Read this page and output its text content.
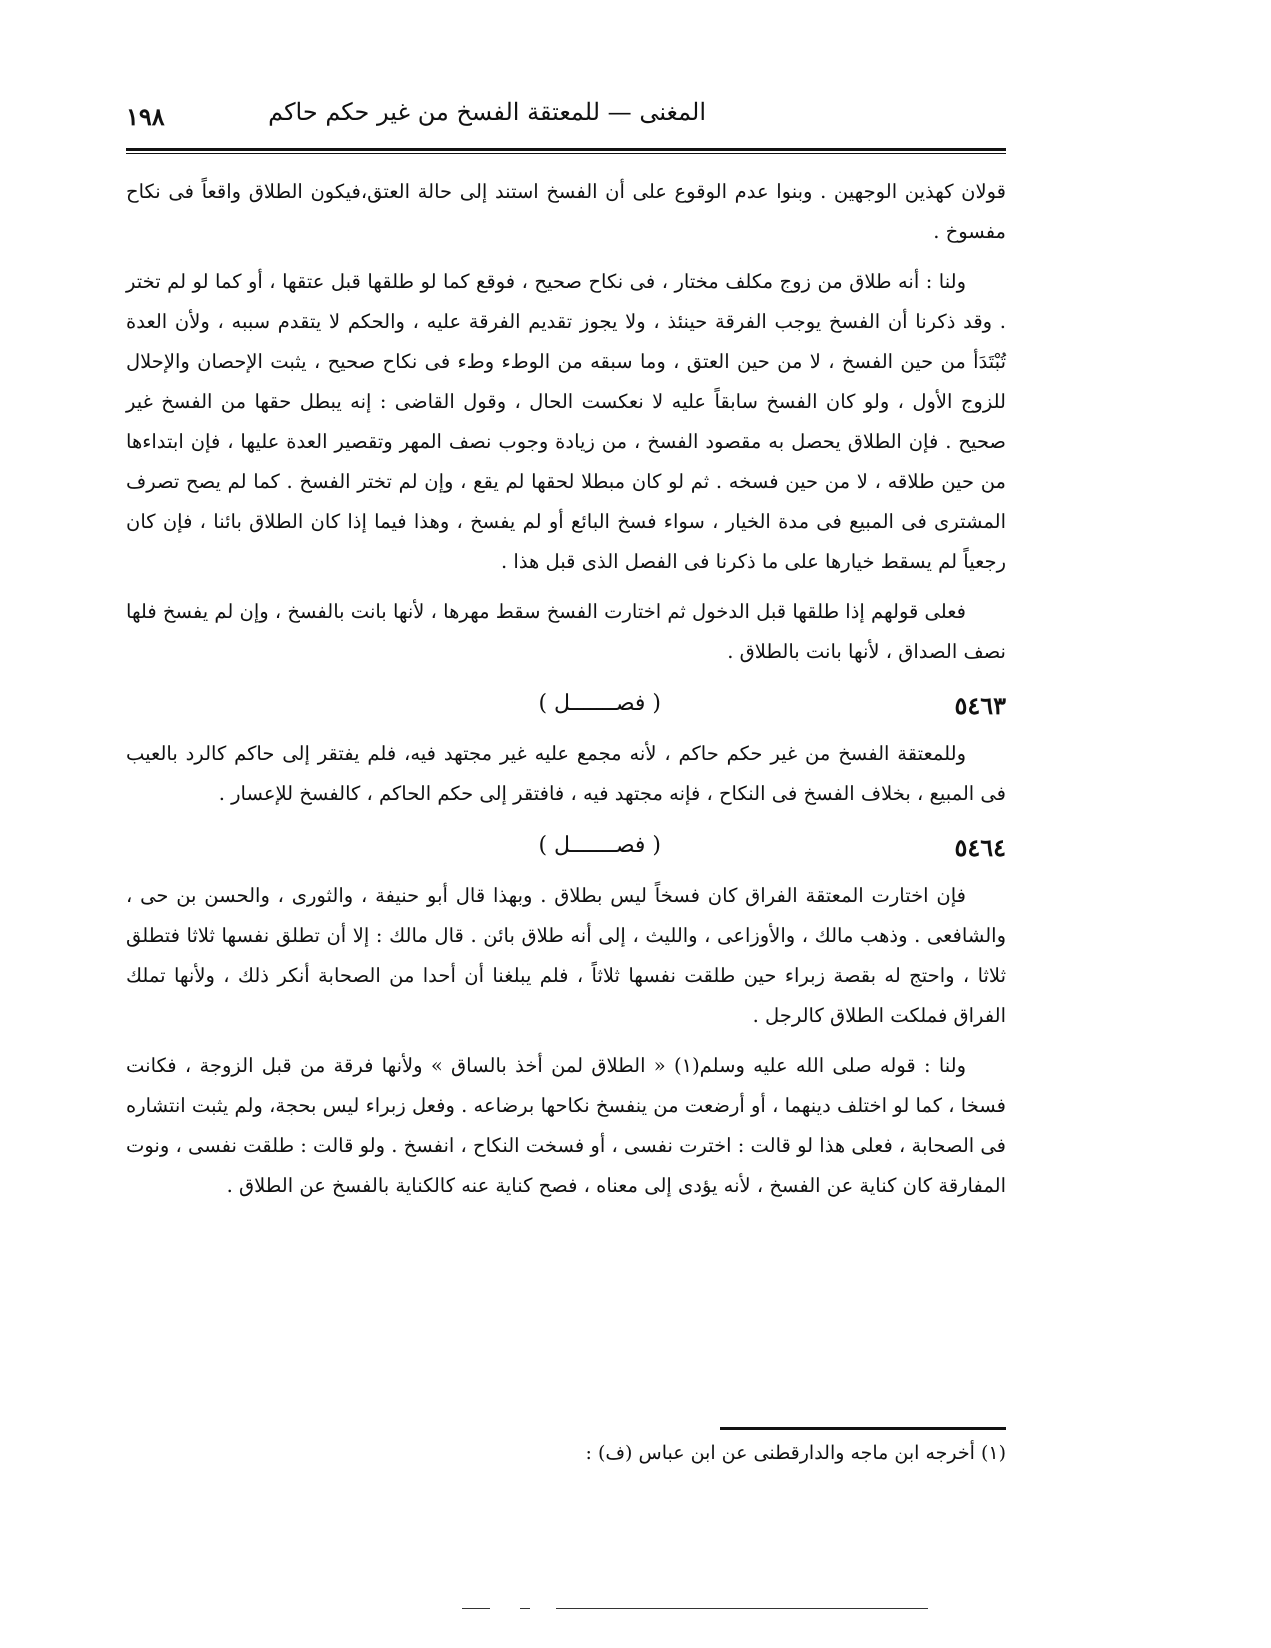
١٩٨	المغنى — للمعتقة الفسخ من غير حكم حاكم

قولان كهذين الوجهين . وبنوا عدم الوقوع على أن الفسخ استند إلى حالة العتق،فيكون الطلاق واقعاً فى نكاح مفسوخ .

ولنا : أنه طلاق من زوج مكلف مختار ، فى نكاح صحيح ، فوقع كما لو طلقها قبل عتقها ، أو كما لو لم تختر . وقد ذكرنا أن الفسخ يوجب الفرقة حينئذ ، ولا يجوز تقديم الفرقة عليه ، والحكم لا يتقدم سببه ، ولأن العدة تُبْتَدَأ من حين الفسخ ، لا من حين العتق ، وما سبقه من الوطء وطء فى نكاح صحيح ، يثبت الإحصان والإحلال للزوج الأول ، ولو كان الفسخ سابقاً عليه لا نعكست الحال ، وقول القاضى : إنه يبطل حقها من الفسخ غير صحيح . فإن الطلاق يحصل به مقصود الفسخ ، من زيادة وجوب نصف المهر وتقصير العدة عليها ، فإن ابتداءها من حين طلاقه ، لا من حين فسخه . ثم لو كان مبطلا لحقها لم يقع ، وإن لم تختر الفسخ . كما لم يصح تصرف المشترى فى المبيع فى مدة الخيار ، سواء فسخ البائع أو لم يفسخ ، وهذا فيما إذا كان الطلاق بائنا ، فإن كان رجعياً لم يسقط خيارها على ما ذكرنا فى الفصل الذى قبل هذا .

فعلى قولهم إذا طلقها قبل الدخول ثم اختارت الفسخ سقط مهرها ، لأنها بانت بالفسخ ، وإن لم يفسخ فلها نصف الصداق ، لأنها بانت بالطلاق .

٥٤٦٣
( فصـــــــل )

وللمعتقة الفسخ من غير حكم حاكم ، لأنه مجمع عليه غير مجتهد فيه، فلم يفتقر إلى حاكم كالرد بالعيب فى المبيع ، بخلاف الفسخ فى النكاح ، فإنه مجتهد فيه ، فافتقر إلى حكم الحاكم ، كالفسخ للإعسار .

٥٤٦٤
( فصـــــــل )

فإن اختارت المعتقة الفراق كان فسخاً ليس بطلاق . وبهذا قال أبو حنيفة ، والثورى ، والحسن بن حى ، والشافعى . وذهب مالك ، والأوزاعى ، والليث ، إلى أنه طلاق بائن . قال مالك : إلا أن تطلق نفسها ثلاثا فتطلق ثلاثا ، واحتج له بقصة زبراء حين طلقت نفسها ثلاثاً ، فلم يبلغنا أن أحدا من الصحابة أنكر ذلك ، ولأنها تملك الفراق فملكت الطلاق كالرجل .

ولنا : قوله صلى الله عليه وسلم(١) « الطلاق لمن أخذ بالساق » ولأنها فرقة من قبل الزوجة ، فكانت فسخا ، كما لو اختلف دينهما ، أو أرضعت من ينفسخ نكاحها برضاعه . وفعل زبراء ليس بحجة، ولم يثبت انتشاره فى الصحابة ، فعلى هذا لو قالت : اخترت نفسى ، أو فسخت النكاح ، انفسخ . ولو قالت : طلقت نفسى ، ونوت المفارقة كان كناية عن الفسخ ، لأنه يؤدى إلى معناه ، فصح كناية عنه كالكناية بالفسخ عن الطلاق .

(١) أخرجه ابن ماجه والدارقطنى عن ابن عباس (ف) :
